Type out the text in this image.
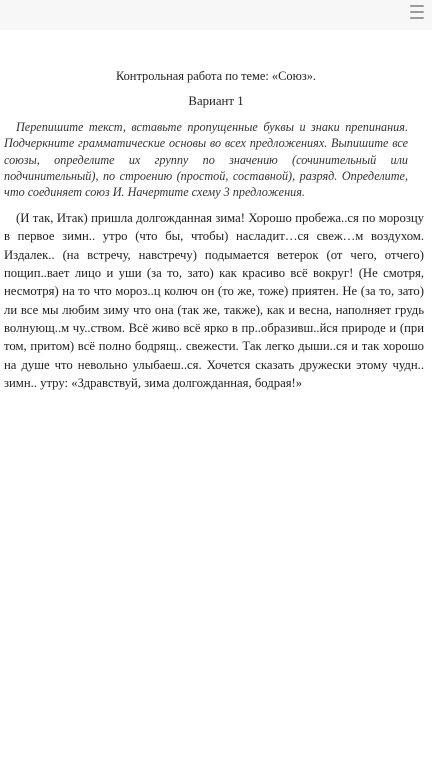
Контрольная работа по теме: «Союз».
Вариант 1
Перепишите текст, вставьте пропущенные буквы и знаки препинания. Подчеркните грамматические основы во всех предложениях. Выпишите все союзы, определите их группу по значению (сочинительный или подчинительный), по строению (простой, составной), разряд. Определите, что соединяет союз И. Начертите схему 3 предложения.
(И так, Итак) пришла долгожданная зима! Хорошо пробежа..ся по морозцу в первое зимн.. утро (что бы, чтобы) насладит…ся свеж…м воздухом. Издалек.. (на встречу, навстречу) подымается ветерок (от чего, отчего) пощип..вает лицо и уши (за то, зато) как красиво всё вокруг! (Не смотря, несмотря) на то что мороз..ц колюч он (то же, тоже) приятен. Не (за то, зато) ли все мы любим зиму что она (так же, также), как и весна, наполняет грудь волнующ..м чу..ством. Всё живо всё ярко в пр..образивш..йся природе и (при том, притом) всё полно бодрящ.. свежести. Так легко дыши..ся и так хорошо на душе что невольно улыбаеш..ся. Хочется сказать дружески этому чудн.. зимн.. утру: «Здравствуй, зима долгожданная, бодрая!»
